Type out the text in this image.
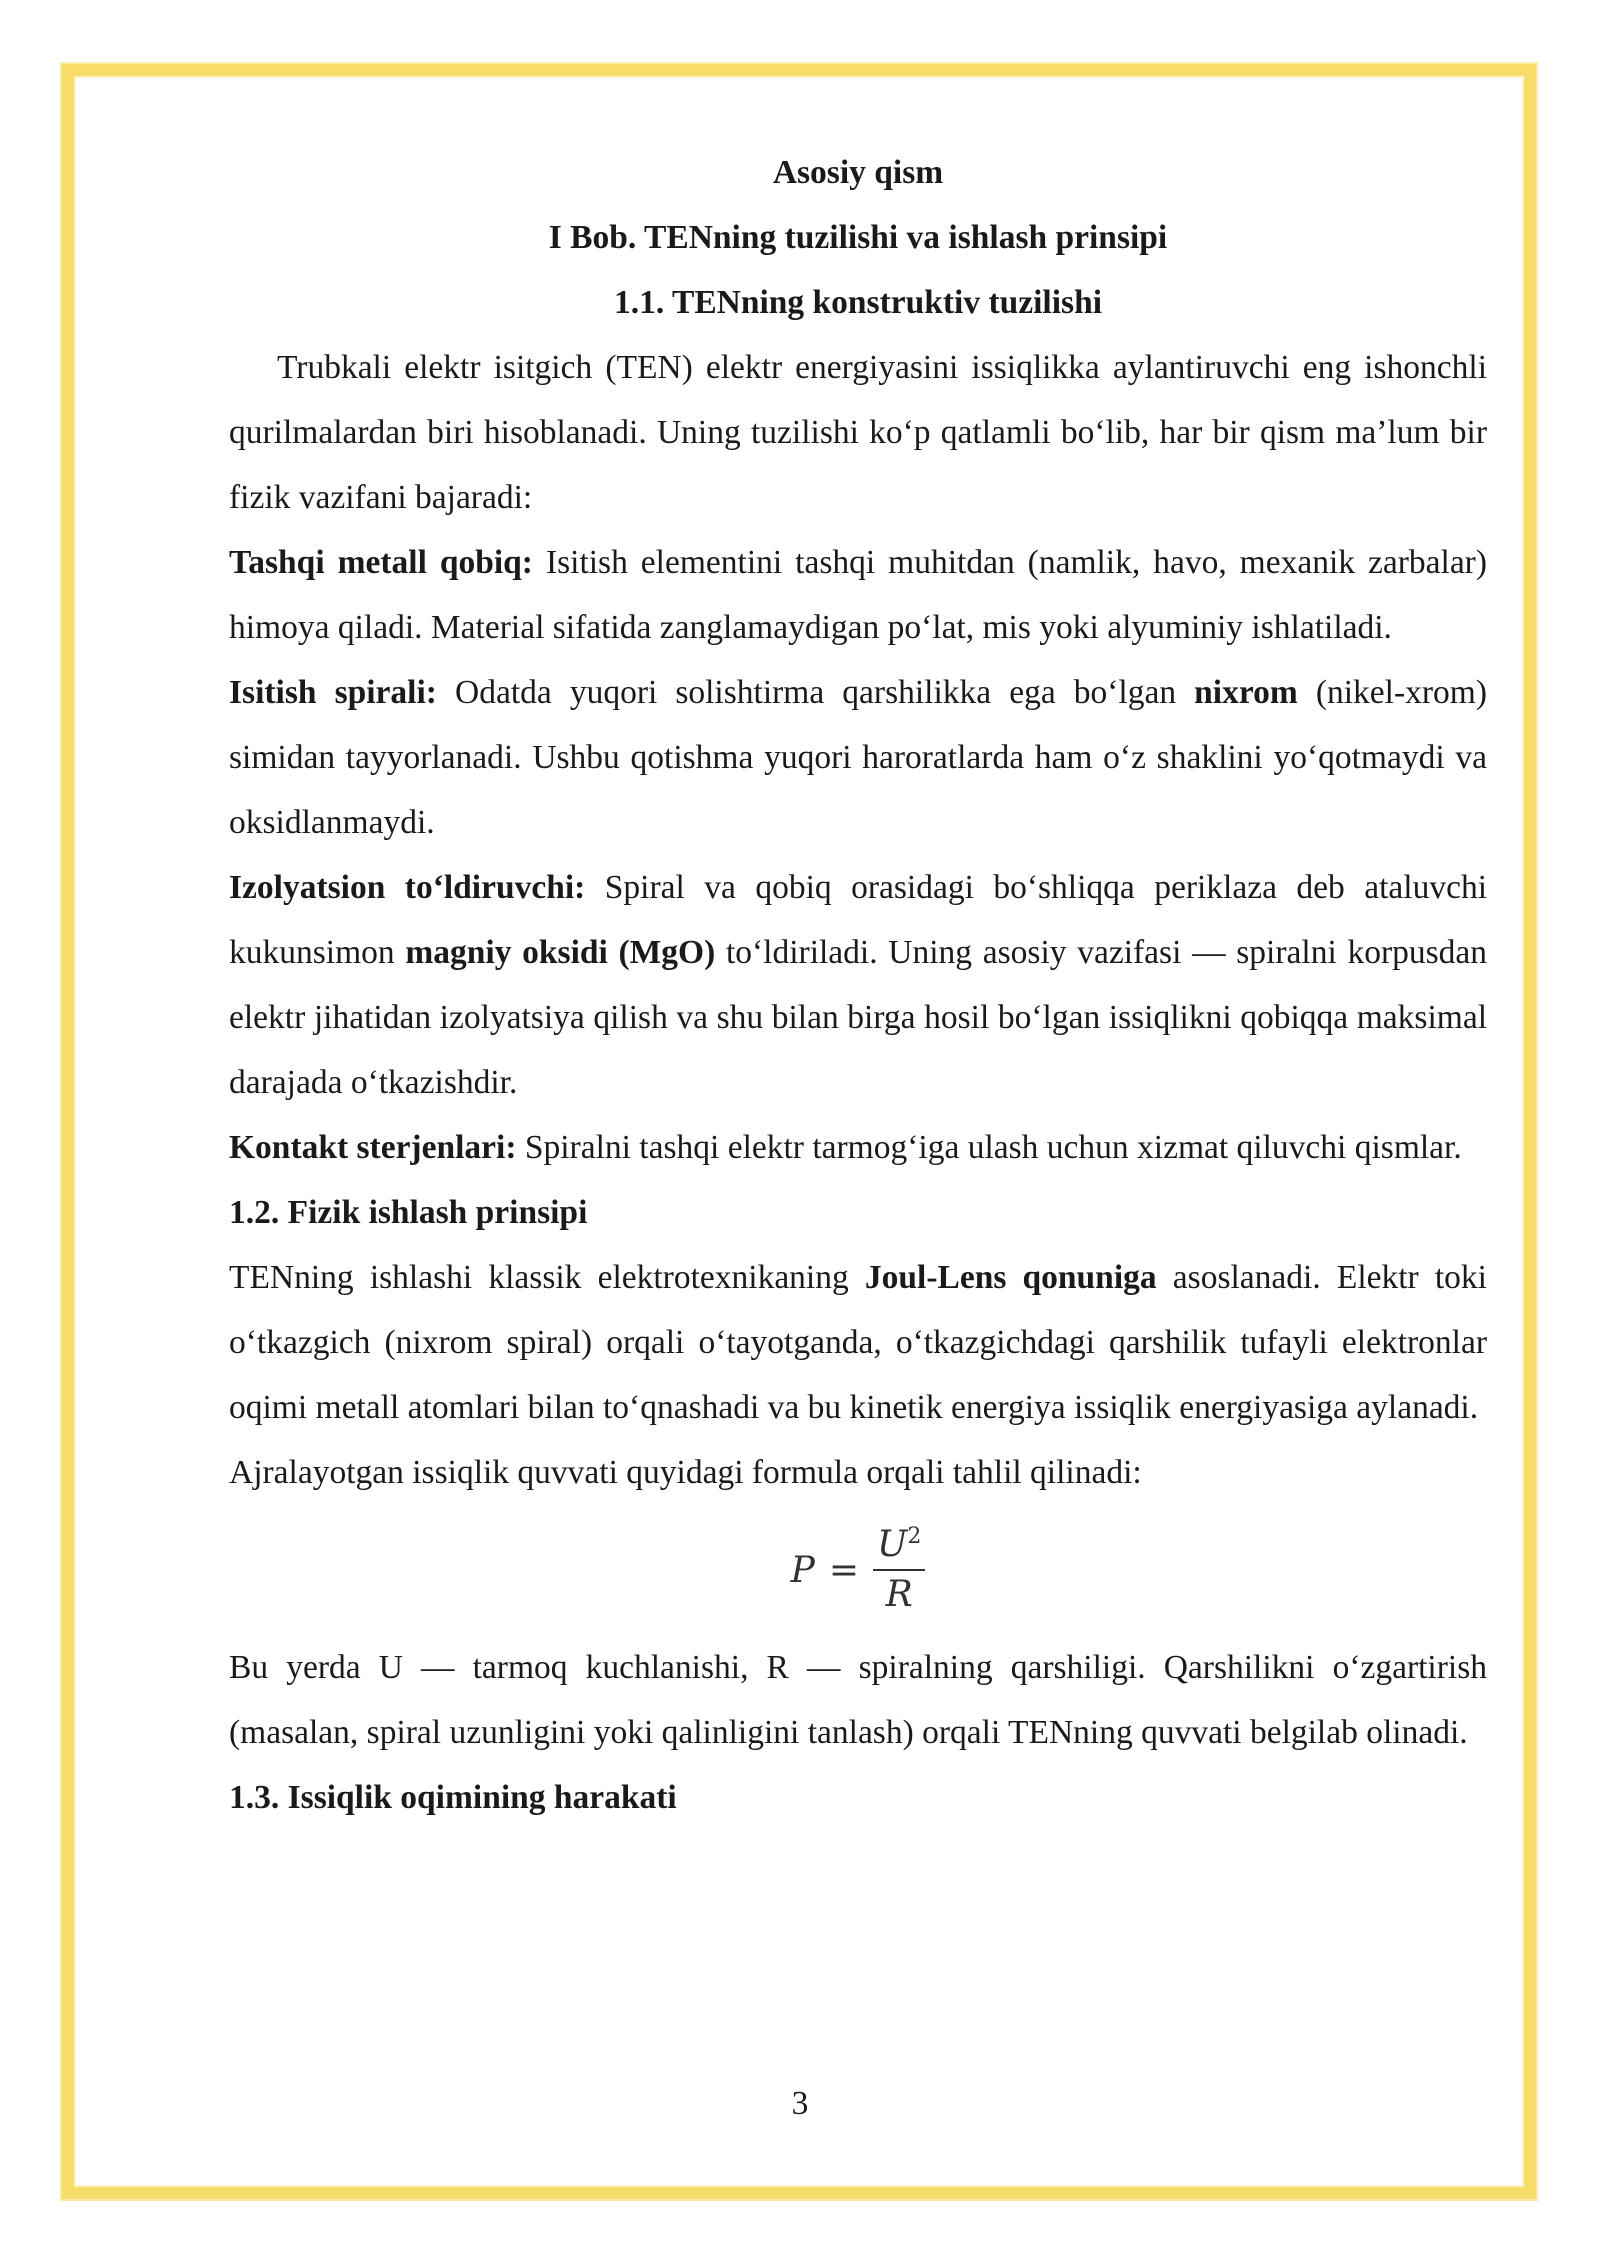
Asosiy qism
I Bob. TENning tuzilishi va ishlash prinsipi
1.1. TENning konstruktiv tuzilishi

Trubkali elektr isitgich (TEN) elektr energiyasini issiqlikka aylantiruvchi eng ishonchli qurilmalardan biri hisoblanadi. Uning tuzilishi ko‘p qatlamli bo‘lib, har bir qism ma’lum bir fizik vazifani bajaradi:

Tashqi metall qobiq: Isitish elementini tashqi muhitdan (namlik, havo, mexanik zarbalar) himoya qiladi. Material sifatida zanglamaydigan po‘lat, mis yoki alyuminiy ishlatiladi.

Isitish spirali: Odatda yuqori solishtirma qarshilikka ega bo‘lgan nixrom (nikel-xrom) simidan tayyorlanadi. Ushbu qotishma yuqori haroratlarda ham o‘z shaklini yo‘qotmaydi va oksidlanmaydi.

Izolyatsion to‘ldiruvchi: Spiral va qobiq orasidagi bo‘shliqqa periklaza deb ataluvchi kukunsimon magniy oksidi (MgO) to‘ldiriladi. Uning asosiy vazifasi — spiralni korpusdan elektr jihatidan izolyatsiya qilish va shu bilan birga hosil bo‘lgan issiqlikni qobiqqa maksimal darajada o‘tkazishdir.

Kontakt sterjenlari: Spiralni tashqi elektr tarmog‘iga ulash uchun xizmat qiluvchi qismlar.

1.2. Fizik ishlash prinsipi

TENning ishlashi klassik elektrotexnikaning Joul-Lens qonuniga asoslanadi. Elektr toki o‘tkazgich (nixrom spiral) orqali o‘tayotganda, o‘tkazgichdagi qarshilik tufayli elektronlar oqimi metall atomlari bilan to‘qnashadi va bu kinetik energiya issiqlik energiyasiga aylanadi.

Ajralayotgan issiqlik quvvati quyidagi formula orqali tahlil qilinadi:

$P = \frac{U^2}{R}$

Bu yerda U — tarmoq kuchlanishi, R — spiralning qarshiligi. Qarshilikni o‘zgartirish (masalan, spiral uzunligini yoki qalinligini tanlash) orqali TENning quvvati belgilab olinadi.

1.3. Issiqlik oqimining harakati
3
